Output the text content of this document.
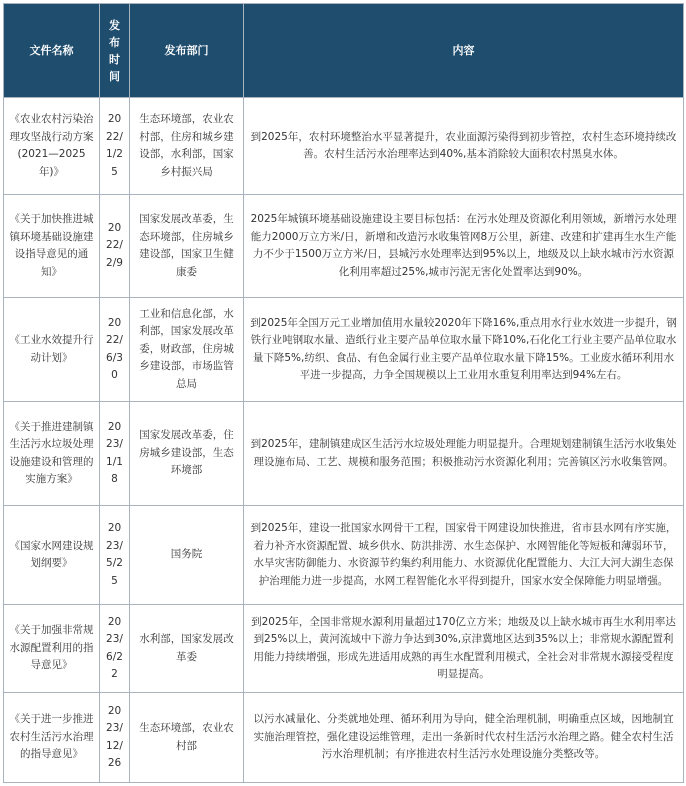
文件名称	发布时间	发布部门	内容
《农业农村污染治理攻坚战行动方案(2021—2025年)》	2022/1/25	生态环境部，农业农村部，住房和城乡建设部，水利部，国家乡村振兴局	到2025年，农村环境整治水平显著提升，农业面源污染得到初步管控，农村生态环境持续改善。农村生活污水治理率达到40%,基本消除较大面积农村黑臭水体。
《关于加快推进城镇环境基础设施建设指导意见的通知》	2022/2/9	国家发展改革委，生态环境部，住房城乡建设部，国家卫生健康委	2025年城镇环境基础设施建设主要目标包括：在污水处理及资源化利用领域，新增污水处理能力2000万立方米/日，新增和改造污水收集管网8万公里，新建、改建和扩建再生水生产能力不少于1500万立方米/日，县城污水处理率达到95%以上，地级及以上缺水城市污水资源化利用率超过25%,城市污泥无害化处置率达到90%。
《工业水效提升行动计划》	2022/6/30	工业和信息化部，水利部，国家发展改革委，财政部，住房城乡建设部，市场监管总局	到2025年全国万元工业增加值用水量较2020年下降16%,重点用水行业水效进一步提升，钢铁行业吨钢取水量、造纸行业主要产品单位取水量下降10%,石化化工行业主要产品单位取水量下降5%,纺织、食品、有色金属行业主要产品单位取水量下降15%。工业废水循环利用水平进一步提高，力争全国规模以上工业用水重复利用率达到94%左右。
《关于推进建制镇生活污水垃圾处理设施建设和管理的实施方案》	2023/1/18	国家发展改革委，住房城乡建设部，生态环境部	到2025年，建制镇建成区生活污水垃圾处理能力明显提升。合理规划建制镇生活污水收集处理设施布局、工艺、规模和服务范围；积极推动污水资源化利用；完善镇区污水收集管网。
《国家水网建设规划纲要》	2023/5/25	国务院	到2025年，建设一批国家水网骨干工程，国家骨干网建设加快推进，省市县水网有序实施，着力补齐水资源配置、城乡供水、防洪排涝、水生态保护、水网智能化等短板和薄弱环节，水旱灾害防御能力、水资源节约集约利用能力、水资源优化配置能力、大江大河大湖生态保护治理能力进一步提高，水网工程智能化水平得到提升，国家水安全保障能力明显增强。
《关于加强非常规水源配置利用的指导意见》	2023/6/22	水利部，国家发展改革委	到2025年，全国非常规水源利用量超过170亿立方米；地级及以上缺水城市再生水利用率达到25%以上，黄河流域中下游力争达到30%,京津冀地区达到35%以上；非常规水源配置利用能力持续增强，形成先进适用成熟的再生水配置利用模式，全社会对非常规水源接受程度明显提高。
《关于进一步推进农村生活污水治理的指导意见》	2023/12/26	生态环境部，农业农村部	以污水减量化、分类就地处理、循环利用为导向，健全治理机制，明确重点区域，因地制宜实施治理管控，强化建设运维管理，走出一条新时代农村生活污水治理之路。健全农村生活污水治理机制；有序推进农村生活污水处理设施分类整改等。
